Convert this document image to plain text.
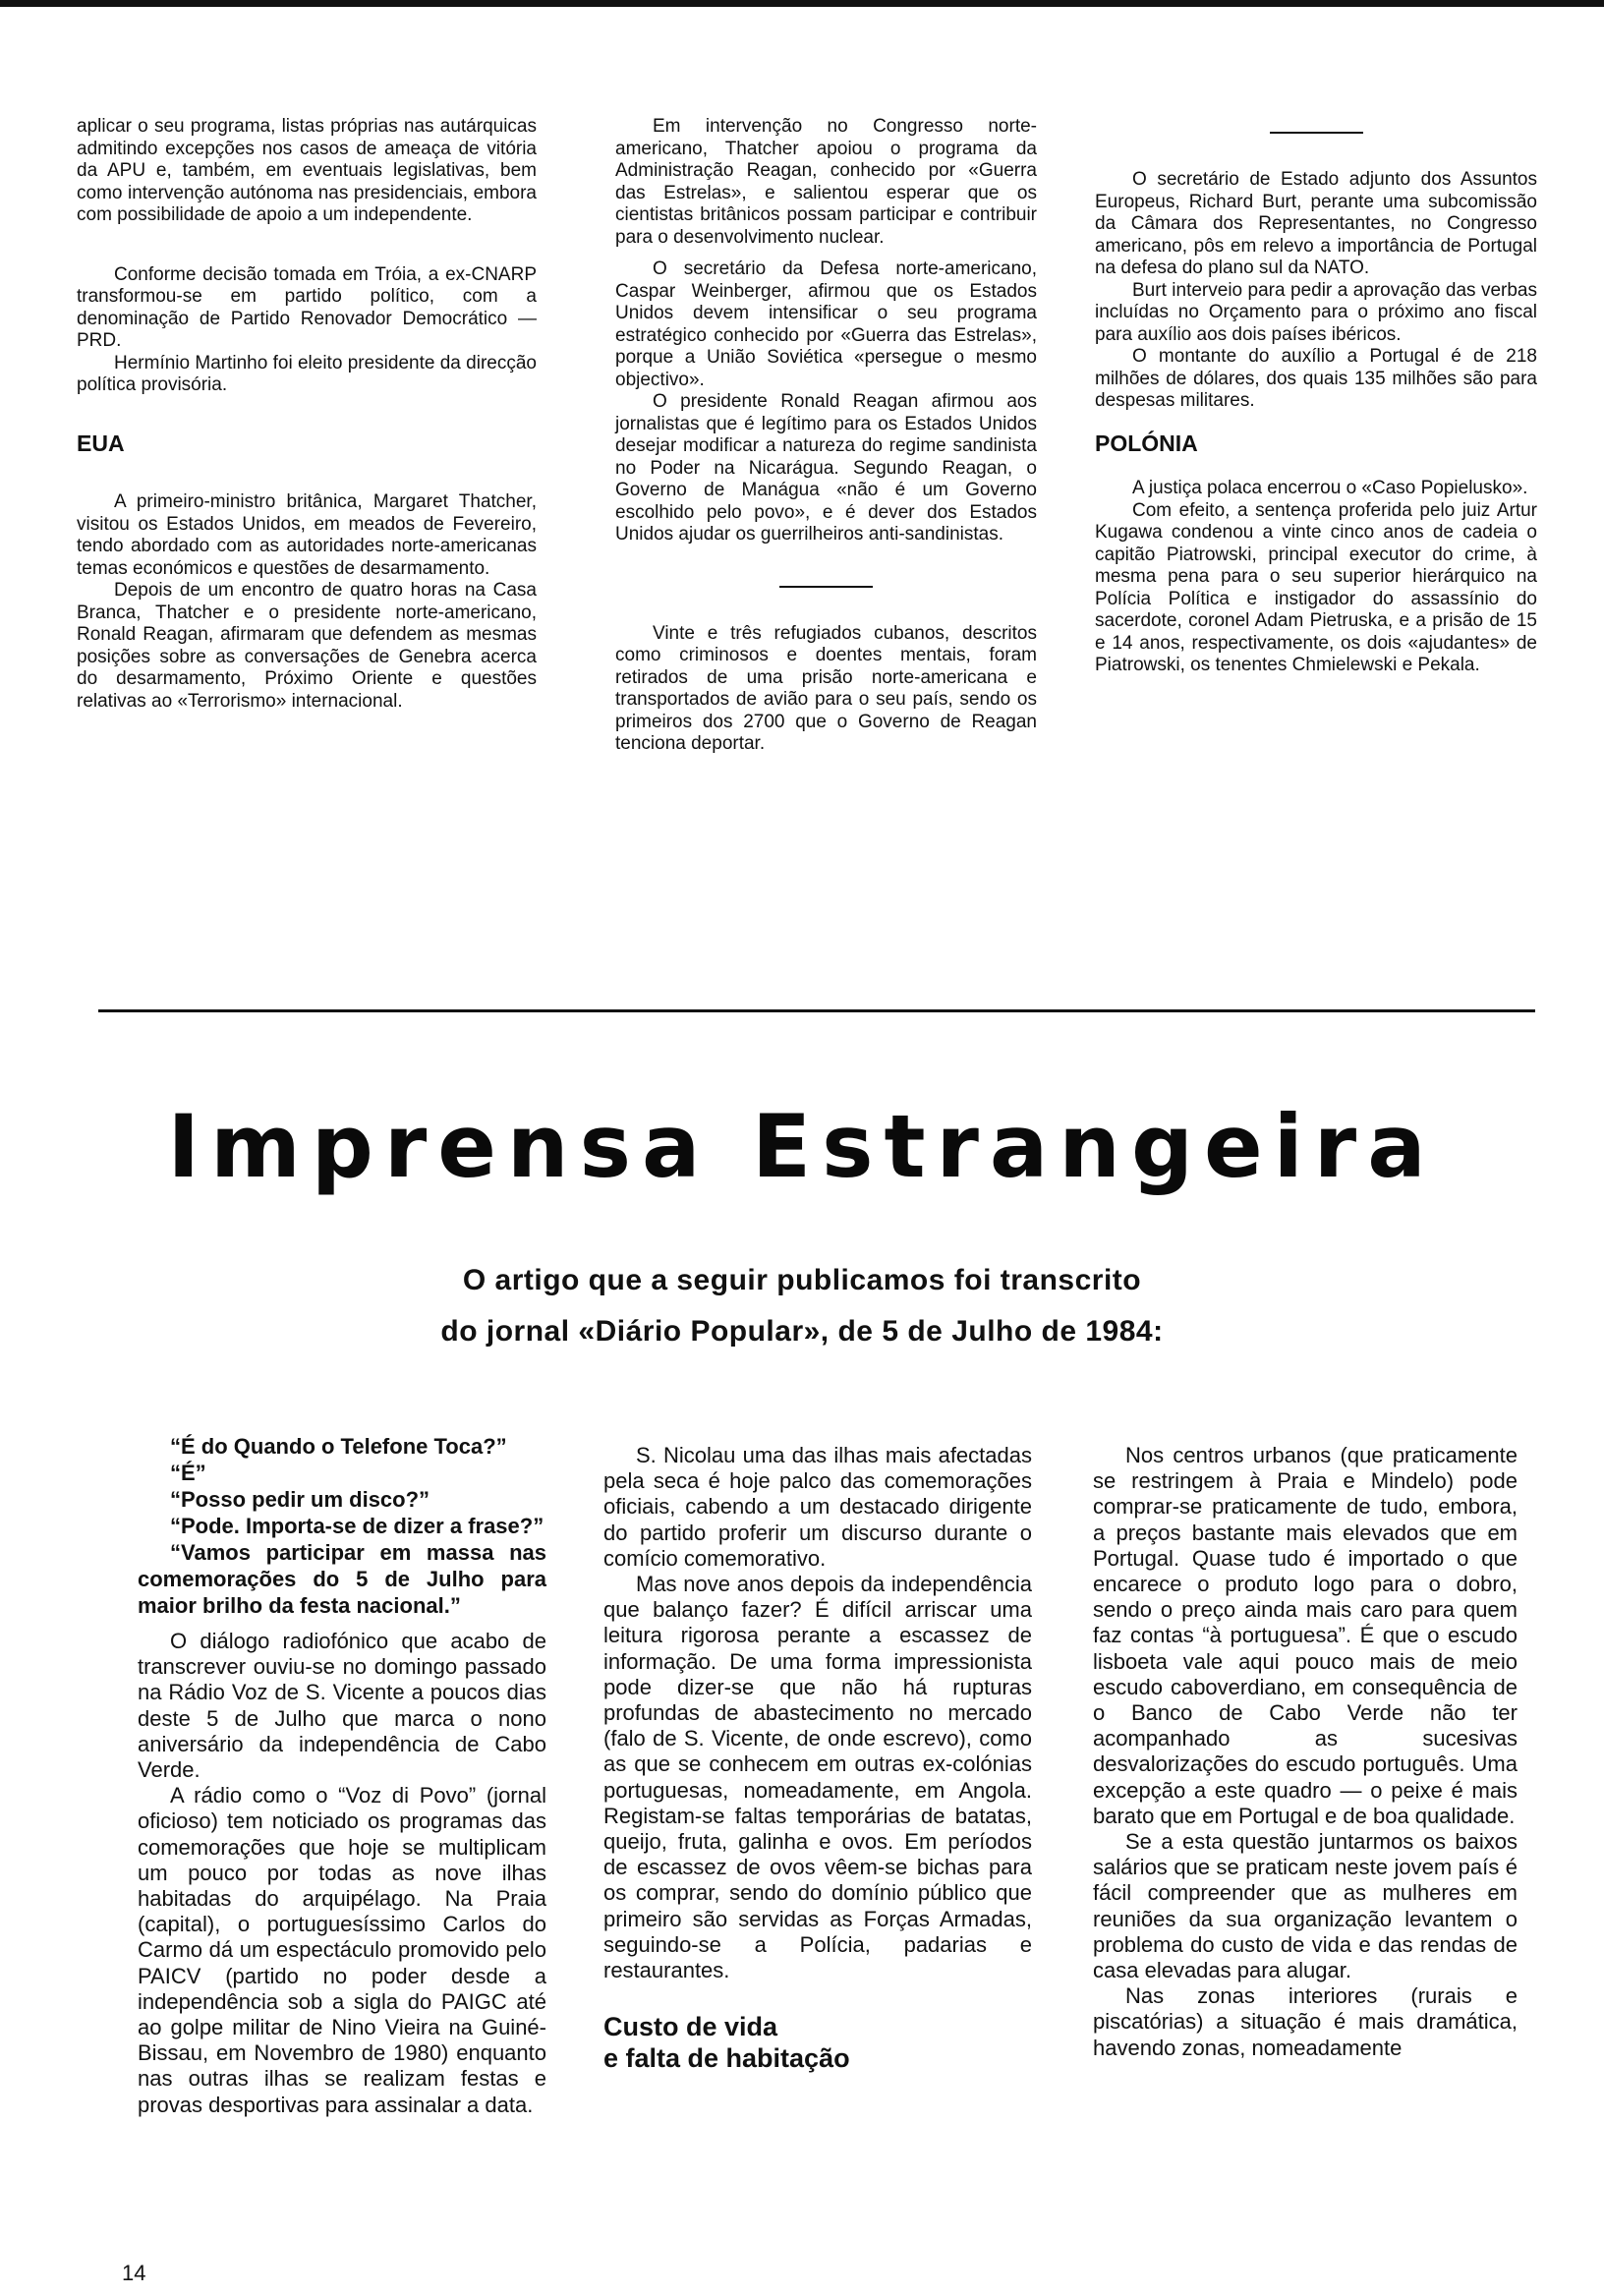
aplicar o seu programa, listas próprias nas autárquicas admitindo excepções nos casos de ameaça de vitória da APU e, também, em eventuais legislativas, bem como intervenção autónoma nas presidenciais, embora com possibilidade de apoio a um independente.

Conforme decisão tomada em Tróia, a ex-CNARP transformou-se em partido político, com a denominação de Partido Renovador Democrático — PRD.

Hermínio Martinho foi eleito presidente da direcção política provisória.

EUA

A primeiro-ministro britânica, Margaret Thatcher, visitou os Estados Unidos, em meados de Fevereiro, tendo abordado com as autoridades norte-americanas temas económicos e questões de desarmamento.

Depois de um encontro de quatro horas na Casa Branca, Thatcher e o presidente norte-americano, Ronald Reagan, afirmaram que defendem as mesmas posições sobre as conversações de Genebra acerca do desarmamento, Próximo Oriente e questões relativas ao «Terrorismo» internacional.

Em intervenção no Congresso norte-americano, Thatcher apoiou o programa da Administração Reagan, conhecido por «Guerra das Estrelas», e salientou esperar que os cientistas britânicos possam participar e contribuir para o desenvolvimento nuclear.

O secretário da Defesa norte-americano, Caspar Weinberger, afirmou que os Estados Unidos devem intensificar o seu programa estratégico conhecido por «Guerra das Estrelas», porque a União Soviética «persegue o mesmo objectivo».

O presidente Ronald Reagan afirmou aos jornalistas que é legítimo para os Estados Unidos desejar modificar a natureza do regime sandinista no Poder na Nicarágua. Segundo Reagan, o Governo de Manágua «não é um Governo escolhido pelo povo», e é dever dos Estados Unidos ajudar os guerrilheiros anti-sandinistas.

Vinte e três refugiados cubanos, descritos como criminosos e doentes mentais, foram retirados de uma prisão norte-americana e transportados de avião para o seu país, sendo os primeiros dos 2700 que o Governo de Reagan tenciona deportar.

O secretário de Estado adjunto dos Assuntos Europeus, Richard Burt, perante uma subcomissão da Câmara dos Representantes, no Congresso americano, pôs em relevo a importância de Portugal na defesa do plano sul da NATO.

Burt interveio para pedir a aprovação das verbas incluídas no Orçamento para o próximo ano fiscal para auxílio aos dois países ibéricos.

O montante do auxílio a Portugal é de 218 milhões de dólares, dos quais 135 milhões são para despesas militares.

POLÓNIA

A justiça polaca encerrou o «Caso Popielusko».

Com efeito, a sentença proferida pelo juiz Artur Kugawa condenou a vinte cinco anos de cadeia o capitão Piatrowski, principal executor do crime, à mesma pena para o seu superior hierárquico na Polícia Política e instigador do assassínio do sacerdote, coronel Adam Pietruska, e a prisão de 15 e 14 anos, respectivamente, os dois «ajudantes» de Piatrowski, os tenentes Chmielewski e Pekala.

Imprensa Estrangeira
O artigo que a seguir publicamos foi transcrito
do jornal «Diário Popular», de 5 de Julho de 1984:

“É do Quando o Telefone Toca?”

“É”

“Posso pedir um disco?”

“Pode. Importa-se de dizer a frase?”

“Vamos participar em massa nas comemorações do 5 de Julho para maior brilho da festa nacional.”

O diálogo radiofónico que acabo de transcrever ouviu-se no domingo passado na Rádio Voz de S. Vicente a poucos dias deste 5 de Julho que marca o nono aniversário da independência de Cabo Verde.

A rádio como o “Voz di Povo” (jornal oficioso) tem noticiado os programas das comemorações que hoje se multiplicam um pouco por todas as nove ilhas habitadas do arquipélago. Na Praia (capital), o portuguesíssimo Carlos do Carmo dá um espectáculo promovido pelo PAICV (partido no poder desde a independência sob a sigla do PAIGC até ao golpe militar de Nino Vieira na Guiné-Bissau, em Novembro de 1980) enquanto nas outras ilhas se realizam festas e provas desportivas para assinalar a data.

S. Nicolau uma das ilhas mais afectadas pela seca é hoje palco das comemorações oficiais, cabendo a um destacado dirigente do partido proferir um discurso durante o comício comemorativo.

Mas nove anos depois da independência que balanço fazer? É difícil arriscar uma leitura rigorosa perante a escassez de informação. De uma forma impressionista pode dizer-se que não há rupturas profundas de abastecimento no mercado (falo de S. Vicente, de onde escrevo), como as que se conhecem em outras ex-colónias portuguesas, nomeadamente, em Angola. Registam-se faltas temporárias de batatas, queijo, fruta, galinha e ovos. Em períodos de escassez de ovos vêem-se bichas para os comprar, sendo do domínio público que primeiro são servidas as Forças Armadas, seguindo-se a Polícia, padarias e restaurantes.

Custo de vida
e falta de habitação

Nos centros urbanos (que praticamente se restringem à Praia e Mindelo) pode comprar-se praticamente de tudo, embora, a preços bastante mais elevados que em Portugal. Quase tudo é importado o que encarece o produto logo para o dobro, sendo o preço ainda mais caro para quem faz contas “à portuguesa”. É que o escudo lisboeta vale aqui pouco mais de meio escudo caboverdiano, em consequência de o Banco de Cabo Verde não ter acompanhado as sucesivas desvalorizações do escudo português. Uma excepção a este quadro — o peixe é mais barato que em Portugal e de boa qualidade.

Se a esta questão juntarmos os baixos salários que se praticam neste jovem país é fácil compreender que as mulheres em reuniões da sua organização levantem o problema do custo de vida e das rendas de casa elevadas para alugar.

Nas zonas interiores (rurais e piscatórias) a situação é mais dramática, havendo zonas, nomeadamente

14
